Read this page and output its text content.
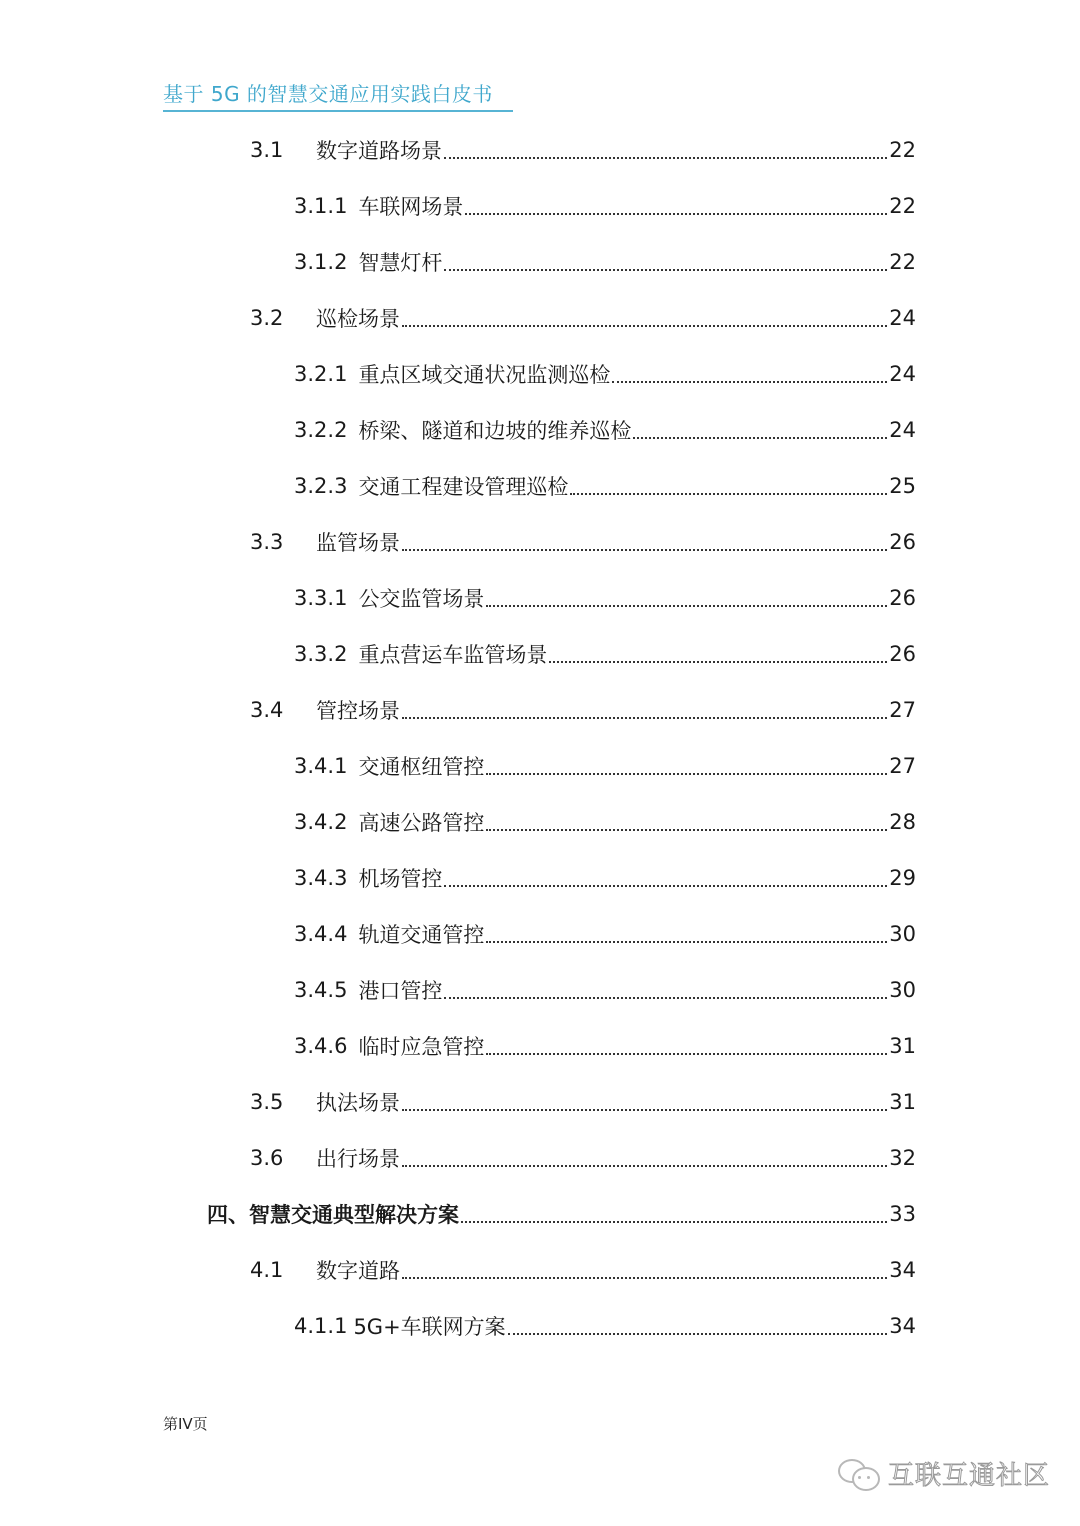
基于 5G 的智慧交通应用实践白皮书
3.1	数字道路场景	22
3.1.1 车联网场景	22
3.1.2 智慧灯杆	22
3.2	巡检场景	24
3.2.1 重点区域交通状况监测巡检	24
3.2.2 桥梁、隧道和边坡的维养巡检	24
3.2.3 交通工程建设管理巡检	25
3.3	监管场景	26
3.3.1 公交监管场景	26
3.3.2 重点营运车监管场景	26
3.4	管控场景	27
3.4.1 交通枢纽管控	27
3.4.2 高速公路管控	28
3.4.3 机场管控	29
3.4.4 轨道交通管控	30
3.4.5 港口管控	30
3.4.6 临时应急管控	31
3.5	执法场景	31
3.6	出行场景	32
四、智慧交通典型解决方案	33
4.1	数字道路	34
4.1.1 5G+车联网方案	34
第IV页
互联互通社区
